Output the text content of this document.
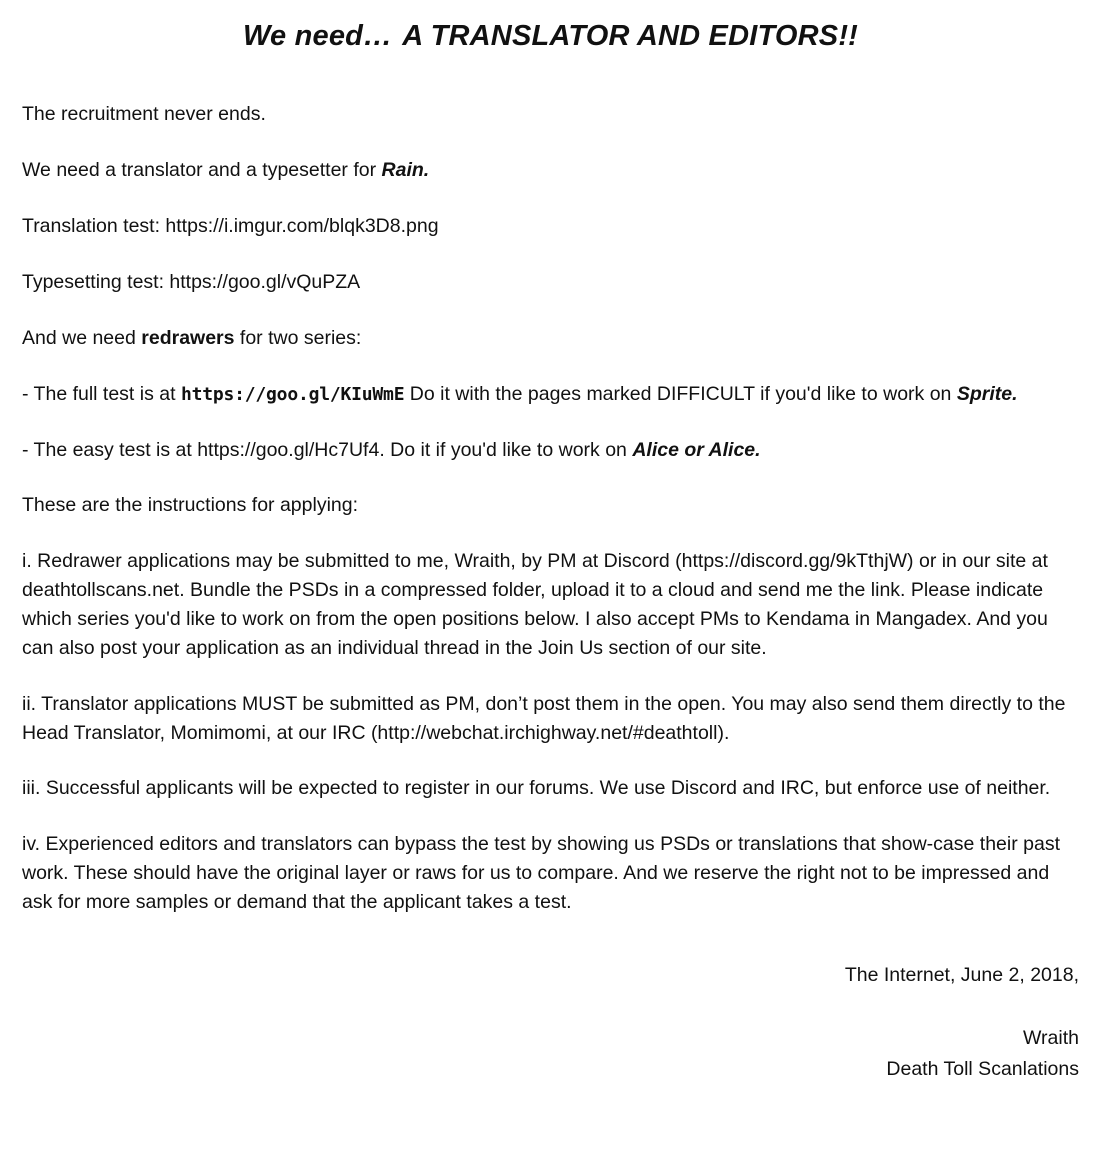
We need… A TRANSLATOR AND EDITORS!!

The recruitment never ends.

We need a translator and a typesetter for Rain.

Translation test: https://i.imgur.com/blqk3D8.png

Typesetting test: https://goo.gl/vQuPZA

And we need redrawers for two series:

- The full test is at https://goo.gl/KIuWmE Do it with the pages marked DIFFICULT if you'd like to work on Sprite.

- The easy test is at https://goo.gl/Hc7Uf4. Do it if you'd like to work on Alice or Alice.

These are the instructions for applying:

i. Redrawer applications may be submitted to me, Wraith, by PM at Discord (https://discord.gg/9kTthjW) or in our site at deathtollscans.net. Bundle the PSDs in a compressed folder, upload it to a cloud and send me the link. Please indicate which series you'd like to work on from the open positions below. I also accept PMs to Kendama in Mangadex. And you can also post your application as an individual thread in the Join Us section of our site.

ii. Translator applications MUST be submitted as PM, don’t post them in the open. You may also send them directly to the Head Translator, Momimomi, at our IRC (http://webchat.irchighway.net/#deathtoll).

iii. Successful applicants will be expected to register in our forums. We use Discord and IRC, but enforce use of neither.

iv. Experienced editors and translators can bypass the test by showing us PSDs or translations that show-case their past work. These should have the original layer or raws for us to compare. And we reserve the right not to be impressed and ask for more samples or demand that the applicant takes a test.

The Internet, June 2, 2018,
Wraith
Death Toll Scanlations
